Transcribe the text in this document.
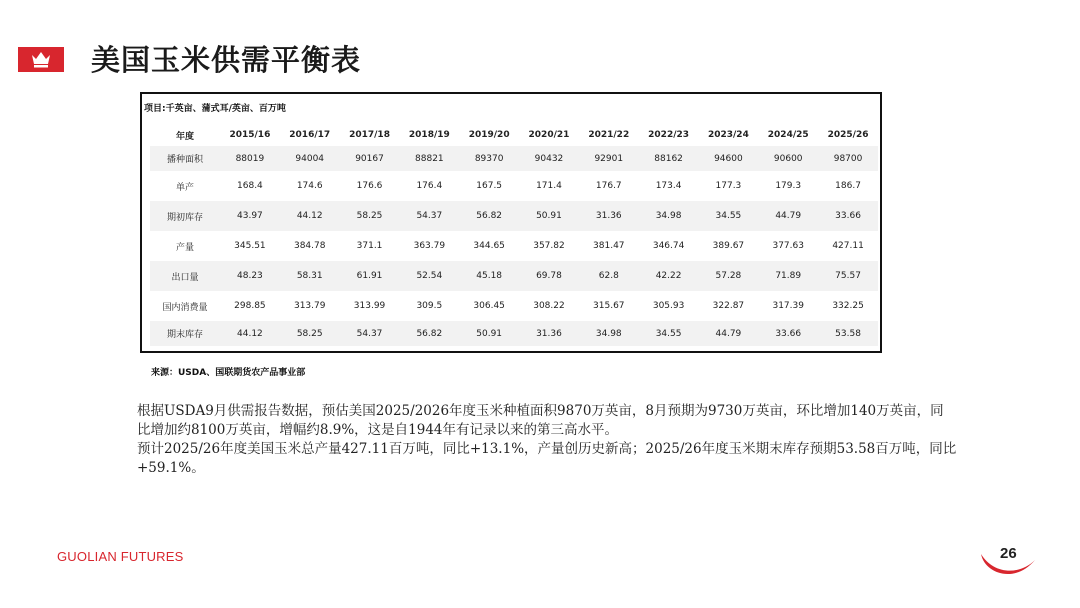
美国玉米供需平衡表
项目:千英亩、蒲式耳/英亩、百万吨
年度	2015/16	2016/17	2017/18	2018/19	2019/20	2020/21	2021/22	2022/23	2023/24	2024/25	2025/26
播种面积	88019	94004	90167	88821	89370	90432	92901	88162	94600	90600	98700
单产	168.4	174.6	176.6	176.4	167.5	171.4	176.7	173.4	177.3	179.3	186.7
期初库存	43.97	44.12	58.25	54.37	56.82	50.91	31.36	34.98	34.55	44.79	33.66
产量	345.51	384.78	371.1	363.79	344.65	357.82	381.47	346.74	389.67	377.63	427.11
出口量	48.23	58.31	61.91	52.54	45.18	69.78	62.8	42.22	57.28	71.89	75.57
国内消费量	298.85	313.79	313.99	309.5	306.45	308.22	315.67	305.93	322.87	317.39	332.25
期末库存	44.12	58.25	54.37	56.82	50.91	31.36	34.98	34.55	44.79	33.66	53.58
来源：USDA、国联期货农产品事业部

根据USDA9月供需报告数据，预估美国2025/2026年度玉米种植面积9870万英亩，8月预期为9730万英亩，环比增加140万英亩，同比增加约8100万英亩，增幅约8.9%，这是自1944年有记录以来的第三高水平。

预计2025/26年度美国玉米总产量427.11百万吨，同比+13.1%，产量创历史新高；2025/26年度玉米期末库存预期53.58百万吨，同比+59.1%。

GUOLIAN FUTURES	26
